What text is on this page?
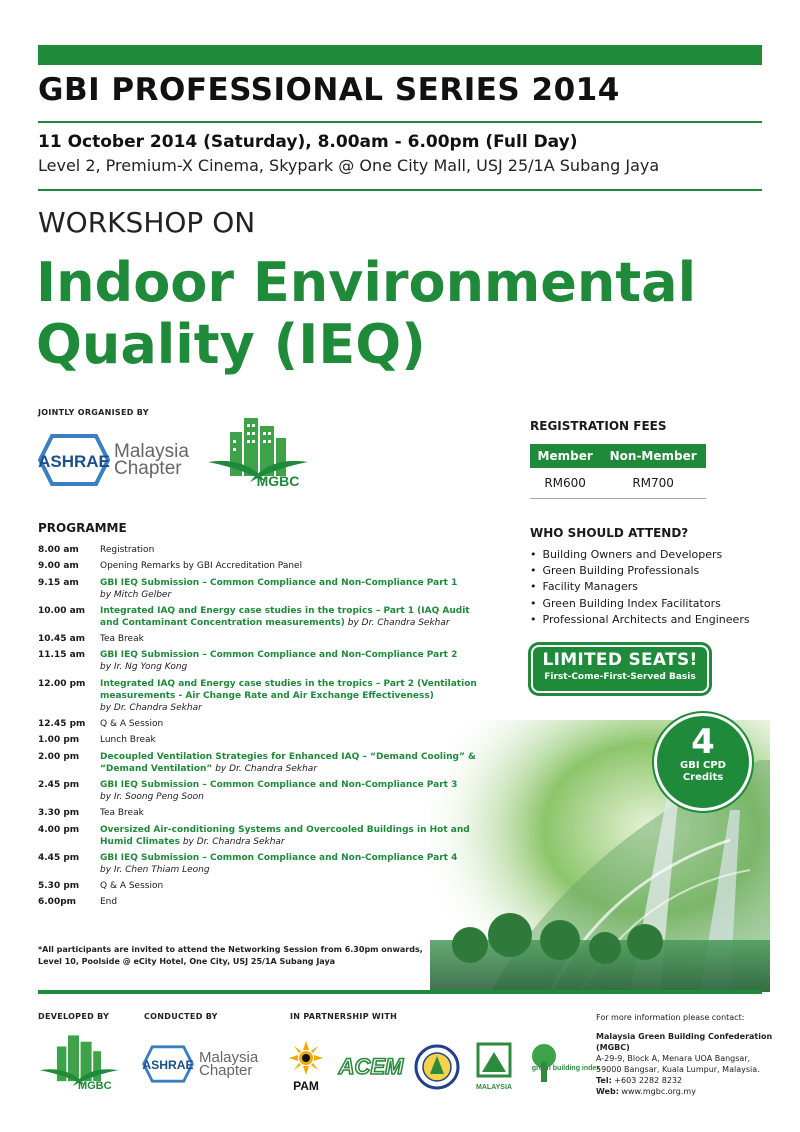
GBI PROFESSIONAL SERIES 2014
11 October 2014 (Saturday), 8.00am - 6.00pm (Full Day)
Level 2, Premium-X Cinema, Skypark @ One City Mall, USJ 25/1A Subang Jaya
WORKSHOP ON
Indoor Environmental
Quality (IEQ)
JOINTLY ORGANISED BY
ASHRAE Malaysia
Chapter
MGBC
REGISTRATION FEES
Member	Non-Member
RM600	RM700
WHO SHOULD ATTEND?
• Building Owners and Developers
• Green Building Professionals
• Facility Managers
• Green Building Index Facilitators
• Professional Architects and Engineers
LIMITED SEATS!
First-Come-First-Served Basis
4
GBI CPD
Credits
PROGRAMME
8.00 am	Registration
9.00 am	Opening Remarks by GBI Accreditation Panel
9.15 am	GBI IEQ Submission – Common Compliance and Non-Compliance Part 1
by Mitch Gelber
10.00 am	Integrated IAQ and Energy case studies in the tropics – Part 1 (IAQ Audit and Contaminant Concentration measurements) by Dr. Chandra Sekhar
10.45 am	Tea Break
11.15 am	GBI IEQ Submission – Common Compliance and Non-Compliance Part 2
by Ir. Ng Yong Kong
12.00 pm	Integrated IAQ and Energy case studies in the tropics – Part 2 (Ventilation measurements - Air Change Rate and Air Exchange Effectiveness)
by Dr. Chandra Sekhar
12.45 pm	Q & A Session
1.00 pm	Lunch Break
2.00 pm	Decoupled Ventilation Strategies for Enhanced IAQ – “Demand Cooling” & “Demand Ventilation” by Dr. Chandra Sekhar
2.45 pm	GBI IEQ Submission – Common Compliance and Non-Compliance Part 3
by Ir. Soong Peng Soon
3.30 pm	Tea Break
4.00 pm	Oversized Air-conditioning Systems and Overcooled Buildings in Hot and Humid Climates by Dr. Chandra Sekhar
4.45 pm	GBI IEQ Submission – Common Compliance and Non-Compliance Part 4
by Ir. Chen Thiam Leong
5.30 pm	Q & A Session
6.00pm	End
*All participants are invited to attend the Networking Session from 6.30pm onwards,
Level 10, Poolside @ eCity Hotel, One City, USJ 25/1A Subang Jaya
DEVELOPED BY	CONDUCTED BY	IN PARTNERSHIP WITH
MGBC
ASHRAE Malaysia
Chapter
PAM
ACEM
MALAYSIA
green building index
For more information please contact:
Malaysia Green Building Confederation
(MGBC)
A-29-9, Block A, Menara UOA Bangsar,
59000 Bangsar, Kuala Lumpur, Malaysia.
Tel: +603 2282 8232
Web: www.mgbc.org.my
